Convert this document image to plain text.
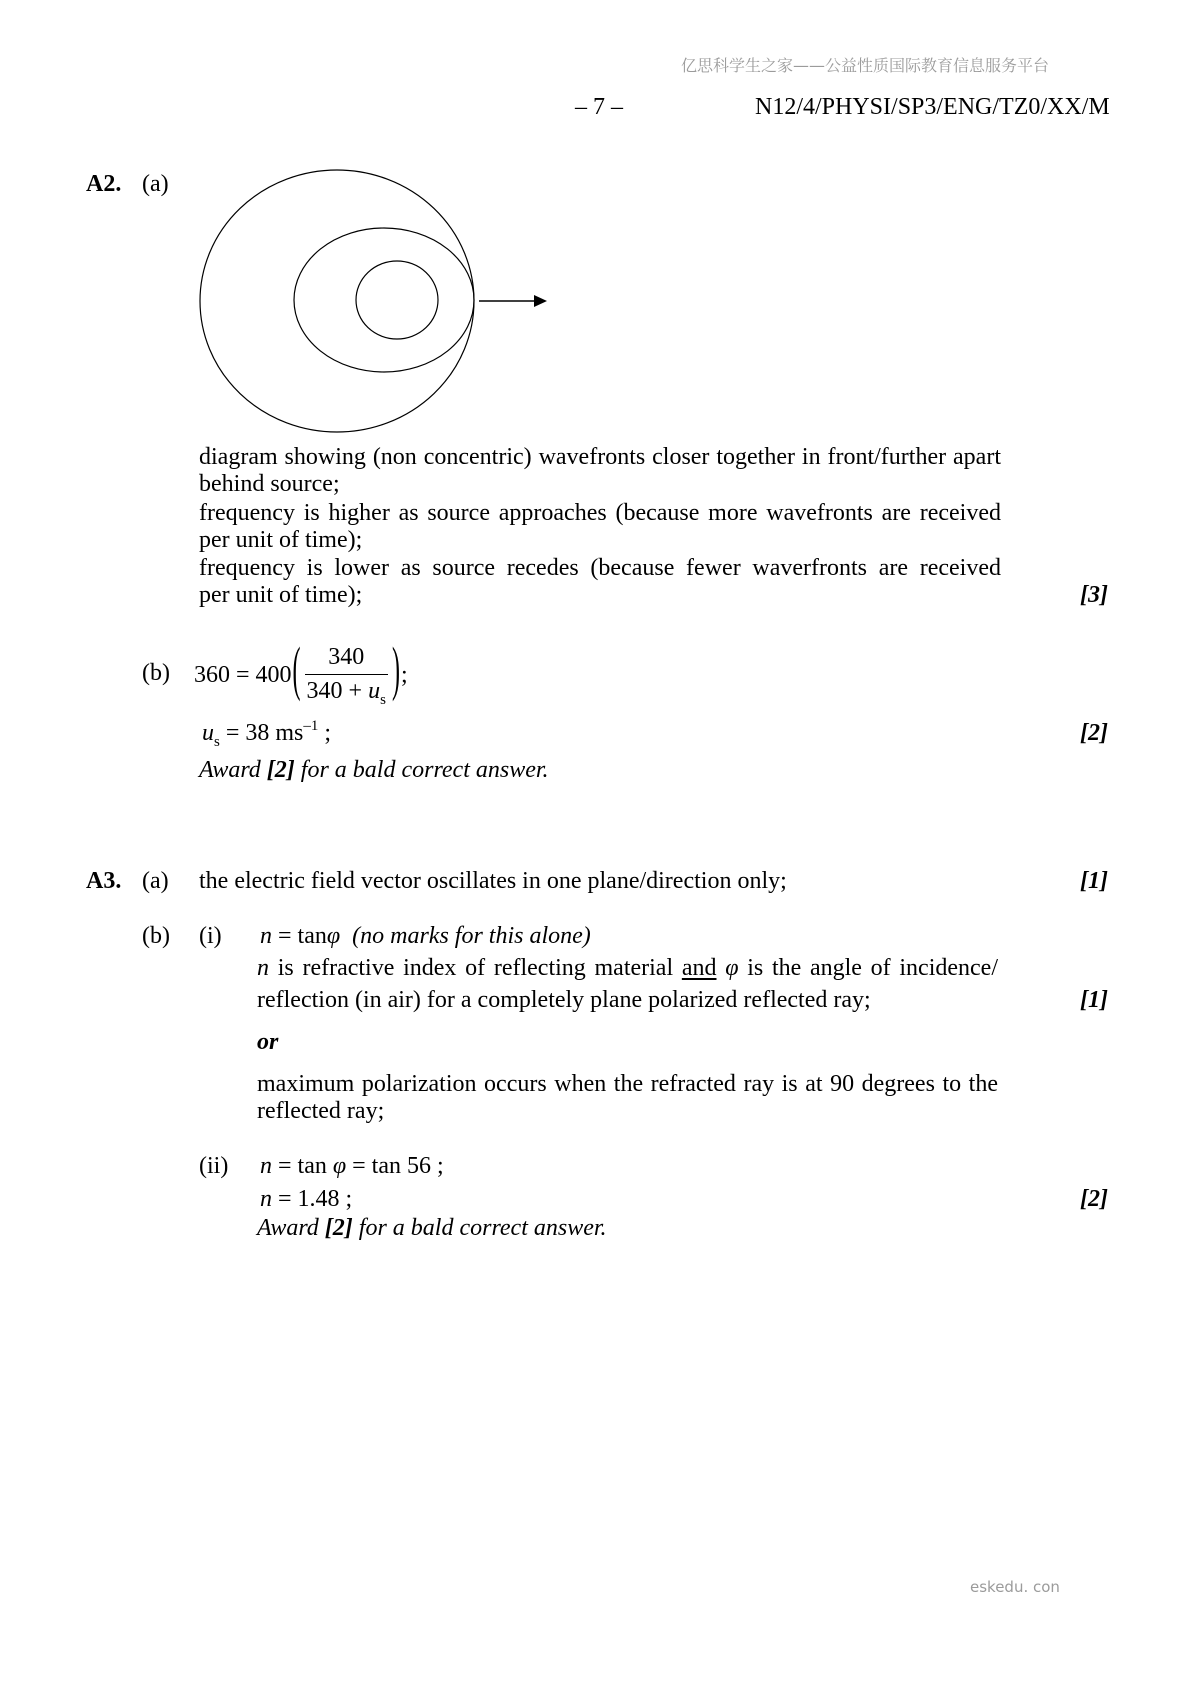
亿思科学生之家——公益性质国际教育信息服务平台
– 7 –	N12/4/PHYSI/SP3/ENG/TZ0/XX/M
A2. (a)
diagram showing (non concentric) wavefronts closer together in front/further apart
behind source;
frequency is higher as source approaches (because more wavefronts are received
per unit of time);
frequency is lower as source recedes (because fewer waverfronts are received
per unit of time);	[3]
(b) 360 = 400 ( $\frac{340}{340 + u_s}$ ) ;
$u_s = 38$ $ms^{-1}$ ;	[2]
Award [2] for a bald correct answer.
A3. (a) the electric field vector oscillates in one plane/direction only;	[1]
(b) (i) n = tanφ (no marks for this alone)
n is refractive index of reflecting material and φ is the angle of incidence/
reflection (in air) for a completely plane polarized reflected ray;	[1]
or
maximum polarization occurs when the refracted ray is at 90 degrees to the
reflected ray;
(ii) n = tan φ = tan 56 ;
n = 1.48 ;	[2]
Award [2] for a bald correct answer.
eskedu. con
